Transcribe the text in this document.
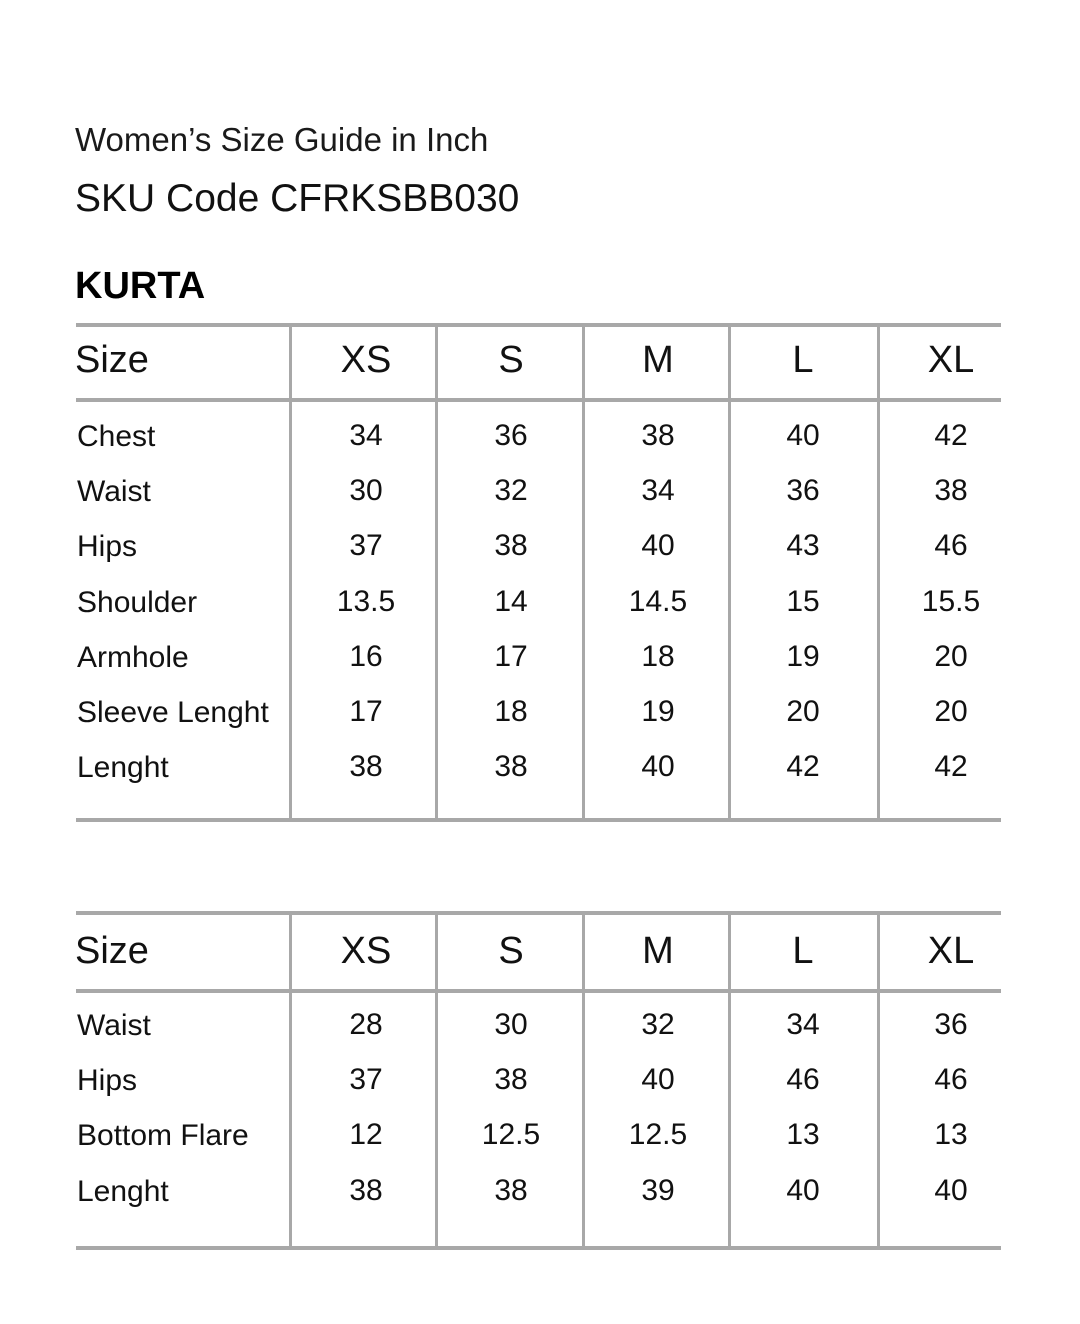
Women’s Size Guide in Inch
SKU Code CFRKSBB030
KURTA
Size	XS	S	M	L	XL
Chest	34	36	38	40	42
Waist	30	32	34	36	38
Hips	37	38	40	43	46
Shoulder	13.5	14	14.5	15	15.5
Armhole	16	17	18	19	20
Sleeve Lenght	17	18	19	20	20
Lenght	38	38	40	42	42
Size	XS	S	M	L	XL
Waist	28	30	32	34	36
Hips	37	38	40	46	46
Bottom Flare	12	12.5	12.5	13	13
Lenght	38	38	39	40	40
